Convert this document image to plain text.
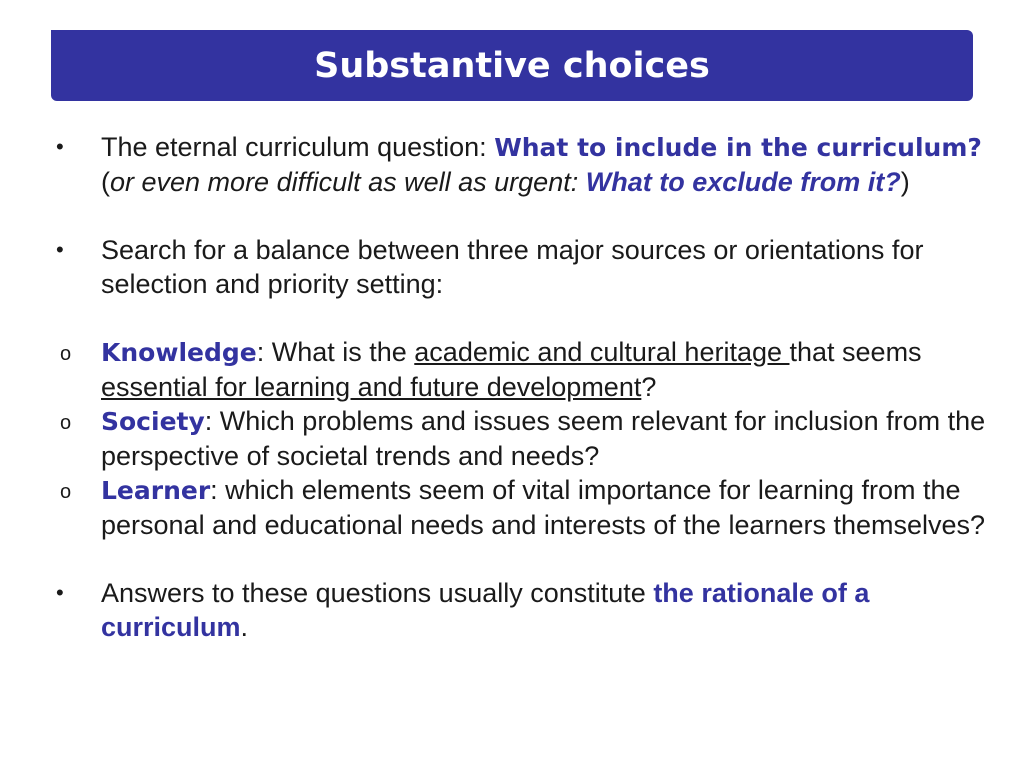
Substantive choices
•	The eternal curriculum question: What to include in the curriculum? (or even more difficult as well as urgent: What to exclude from it?)
•	Search for a balance between three major sources or orientations for selection and priority setting:
o	Knowledge: What is the academic and cultural heritage that seems essential for learning and future development?
o	Society: Which problems and issues seem relevant for inclusion from the perspective of societal trends and needs?
o	Learner: which elements seem of vital importance for learning from the personal and educational needs and interests of the learners themselves?
•	Answers to these questions usually constitute the rationale of a curriculum.
